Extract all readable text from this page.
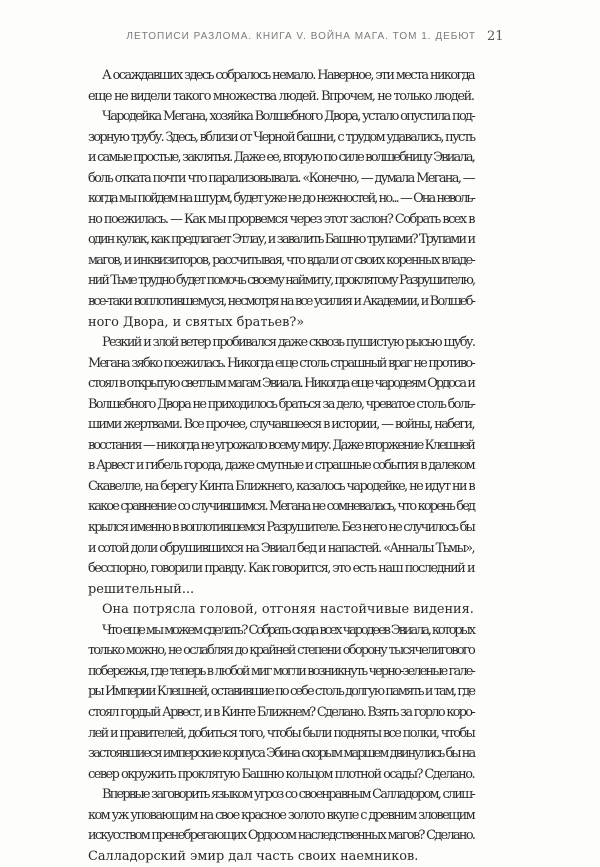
ЛЕТОПИСИ РАЗЛОМА. КНИГА V. ВОЙНА МАГА. ТОМ 1. ДЕБЮТ 21
А осаждавших здесь собралось немало. Наверное, эти места никогда
еще не видели такого множества людей. Впрочем, не только людей.
Чародейка Мегана, хозяйка Волшебного Двора, устало опустила под-
зорную трубу. Здесь, вблизи от Черной башни, с трудом удавались, пусть
и самые простые, заклятья. Даже ее, вторую по силе волшебницу Эвиала,
боль отката почти что парализовывала. «Конечно, — думала Мегана, —
когда мы пойдем на штурм, будет уже не до нежностей, но... — Она неволь-
но поежилась. — Как мы прорвемся через этот заслон? Собрать всех в
один кулак, как предлагает Этлау, и завалить Башню трупами? Трупами и
магов, и инквизиторов, рассчитывая, что вдали от своих коренных владе-
ний Тьме трудно будет помочь своему наймиту, проклятому Разрушителю,
все-таки воплотившемуся, несмотря на все усилия и Академии, и Волшеб-
ного Двора, и святых братьев?»
Резкий и злой ветер пробивался даже сквозь пушистую рысью шубу.
Мегана зябко поежилась. Никогда еще столь страшный враг не противо-
стоял в открытую светлым магам Эвиала. Никогда еще чародеям Ордоса и
Волшебного Двора не приходилось браться за дело, чреватое столь боль-
шими жертвами. Все прочее, случавшееся в истории, — войны, набеги,
восстания — никогда не угрожало всему миру. Даже вторжение Клешней
в Арвест и гибель города, даже смутные и страшные события в далеком
Скавелле, на берегу Кинта Ближнего, казалось чародейке, не идут ни в
какое сравнение со случившимся. Мегана не сомневалась, что корень бед
крылся именно в воплотившемся Разрушителе. Без него не случилось бы
и сотой доли обрушившихся на Эвиал бед и напастей. «Анналы Тьмы»,
бесспорно, говорили правду. Как говорится, это есть наш последний и
решительный...
Она потрясла головой, отгоняя настойчивые видения.
Что еще мы можем сделать? Собрать сюда всех чародеев Эвиала, которых
только можно, не ослабляя до крайней степени оборону тысячелигового
побережья, где теперь в любой миг могли возникнуть черно-зеленые гале-
ры Империи Клешней, оставившие по себе столь долгую память и там, где
стоял гордый Арвест, и в Кинте Ближнем? Сделано. Взять за горло коро-
лей и правителей, добиться того, чтобы были подняты все полки, чтобы
застоявшиеся имперские корпуса Эбина скорым маршем двинулись бы на
север окружить проклятую Башню кольцом плотной осады? Сделано.
Впервые заговорить языком угроз со своенравным Салладором, слиш-
ком уж уповающим на свое красное золото вкупе с древним зловещим
искусством пренебрегающих Ордосом наследственных магов? Сделано.
Салладорский эмир дал часть своих наемников.
